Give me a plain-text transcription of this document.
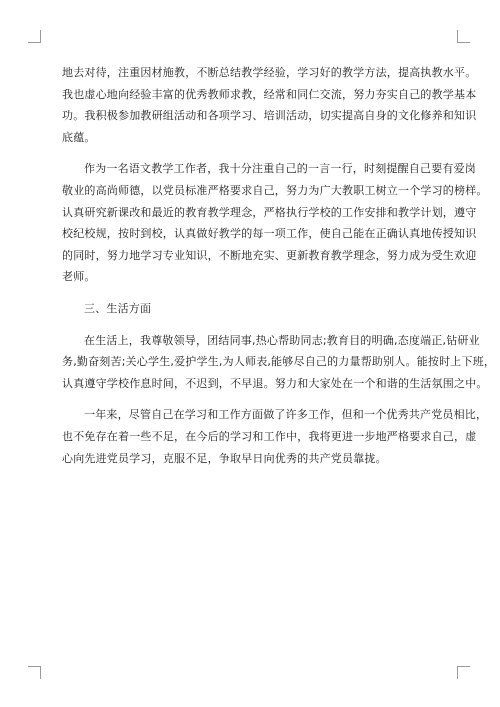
地去对待，注重因材施教，不断总结教学经验，学习好的教学方法，提高执教水平。
我也虚心地向经验丰富的优秀教师求教，经常和同仁交流，努力夯实自己的教学基本
功。我积极参加教研组活动和各项学习、培训活动，切实提高自身的文化修养和知识
底蕴。

作为一名语文教学工作者，我十分注重自己的一言一行，时刻提醒自己要有爱岗
敬业的高尚师德，以党员标准严格要求自己，努力为广大教职工树立一个学习的榜样。
认真研究新课改和最近的教育教学理念，严格执行学校的工作安排和教学计划，遵守
校纪校规，按时到校，认真做好教学的每一项工作，使自己能在正确认真地传授知识
的同时，努力地学习专业知识，不断地充实、更新教育教学理念，努力成为受生欢迎
老师。

三、生活方面

在生活上，我尊敬领导，团结同事,热心帮助同志;教育目的明确,态度端正,钻研业
务,勤奋刻苦;关心学生,爱护学生,为人师表,能够尽自己的力量帮助别人。能按时上下班，
认真遵守学校作息时间，不迟到，不早退。努力和大家处在一个和谐的生活氛围之中。

一年来，尽管自己在学习和工作方面做了许多工作，但和一个优秀共产党员相比，
也不免存在着一些不足，在今后的学习和工作中，我将更进一步地严格要求自己，虚
心向先进党员学习，克服不足，争取早日向优秀的共产党员靠拢。
